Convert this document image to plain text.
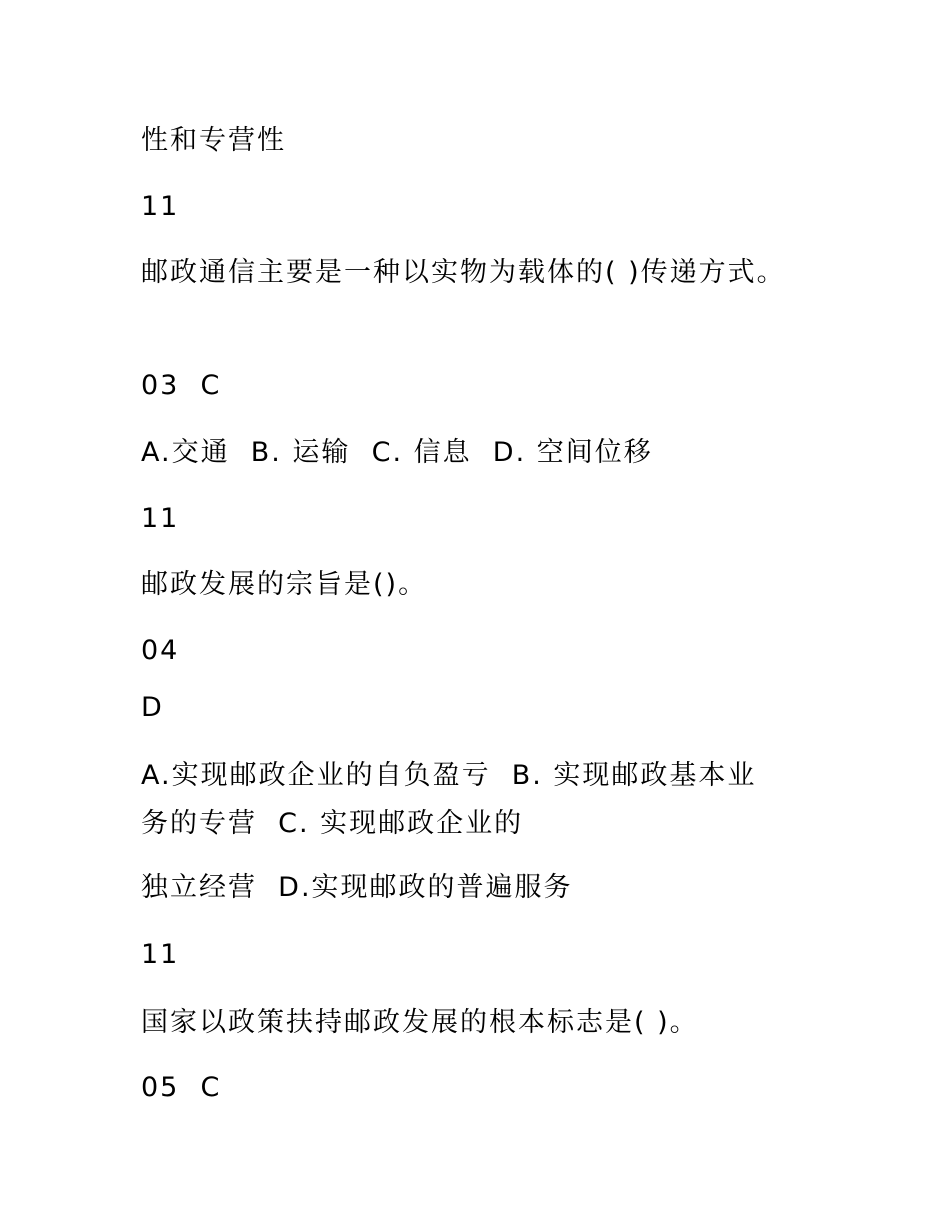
性和专营性
11
邮政通信主要是一种以实物为载体的( )传递方式。
03  C
A.交通  B. 运输  C. 信息  D. 空间位移
11
邮政发展的宗旨是()。
04
D
A.实现邮政企业的自负盈亏  B. 实现邮政基本业
务的专营  C. 实现邮政企业的
独立经营  D.实现邮政的普遍服务
11
国家以政策扶持邮政发展的根本标志是( )。
05  C
